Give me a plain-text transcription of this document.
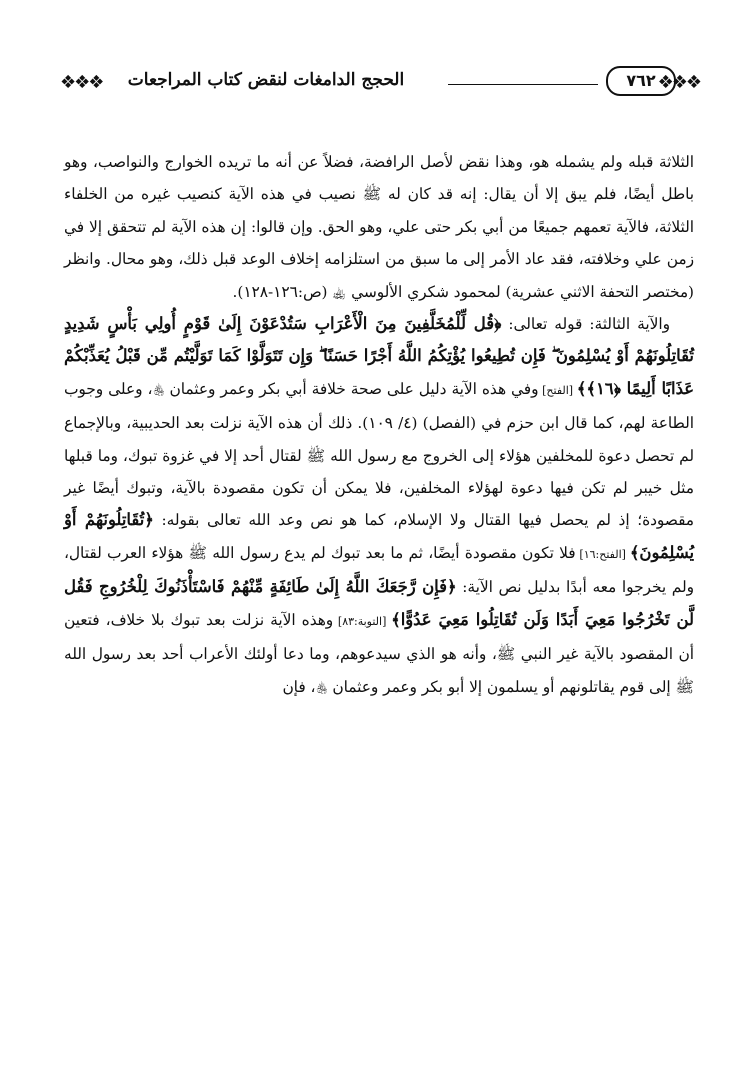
❖❖❖	الحجج الدامغات لنقض كتاب المراجعات	٧٦٢ ❖❖❖

الثلاثة قبله ولم يشمله هو، وهذا نقض لأصل الرافضة، فضلاً عن أنه ما تريده الخوارج والنواصب، وهو باطل أيضًا، فلم يبق إلا أن يقال: إنه قد كان له ﷺ نصيب في هذه الآية كنصيب غيره من الخلفاء الثلاثة، فالآية تعمهم جميعًا من أبي بكر حتى علي، وهو الحق. وإن قالوا: إن هذه الآية لم تتحقق إلا في زمن علي وخلافته، فقد عاد الأمر إلى ما سبق من استلزامه إخلاف الوعد قبل ذلك، وهو محال. وانظر (مختصر التحفة الاثني عشرية) لمحمود شكري الألوسي ﵀ (ص:١٢٦-١٢٨).

والآية الثالثة: قوله تعالى: ﴿قُل لِّلْمُخَلَّفِينَ مِنَ الْأَعْرَابِ سَتُدْعَوْنَ إِلَىٰ قَوْمٍ أُولِي بَأْسٍ شَدِيدٍ تُقَاتِلُونَهُمْ أَوْ يُسْلِمُونَ ۖ فَإِن تُطِيعُوا يُؤْتِكُمُ اللَّهُ أَجْرًا حَسَنًا ۖ وَإِن تَتَوَلَّوْا كَمَا تَوَلَّيْتُم مِّن قَبْلُ يُعَذِّبْكُمْ عَذَابًا أَلِيمًا ﴿١٦﴾﴾ [الفتح] وفي هذه الآية دليل على صحة خلافة أبي بكر وعمر وعثمان ﵃، وعلى وجوب الطاعة لهم، كما قال ابن حزم في (الفصل) (٤/ ١٠٩). ذلك أن هذه الآية نزلت بعد الحديبية، وبالإجماع لم تحصل دعوة للمخلفين هؤلاء إلى الخروج مع رسول الله ﷺ لقتال أحد إلا في غزوة تبوك، وما قبلها مثل خيبر لم تكن فيها دعوة لهؤلاء المخلفين، فلا يمكن أن تكون مقصودة بالآية، وتبوك أيضًا غير مقصودة؛ إذ لم يحصل فيها القتال ولا الإسلام، كما هو نص وعد الله تعالى بقوله: ﴿تُقَاتِلُونَهُمْ أَوْ يُسْلِمُونَ﴾ [الفتح:١٦] فلا تكون مقصودة أيضًا، ثم ما بعد تبوك لم يدع رسول الله ﷺ هؤلاء العرب لقتال، ولم يخرجوا معه أبدًا بدليل نص الآية: ﴿فَإِن رَّجَعَكَ اللَّهُ إِلَىٰ طَائِفَةٍ مِّنْهُمْ فَاسْتَأْذَنُوكَ لِلْخُرُوجِ فَقُل لَّن تَخْرُجُوا مَعِيَ أَبَدًا وَلَن تُقَاتِلُوا مَعِيَ عَدُوًّا﴾ [التوبة:٨٣] وهذه الآية نزلت بعد تبوك بلا خلاف، فتعين أن المقصود بالآية غير النبي ﷺ، وأنه هو الذي سيدعوهم، وما دعا أولئك الأعراب أحد بعد رسول الله ﷺ إلى قوم يقاتلونهم أو يسلمون إلا أبو بكر وعمر وعثمان ﵃، فإن
